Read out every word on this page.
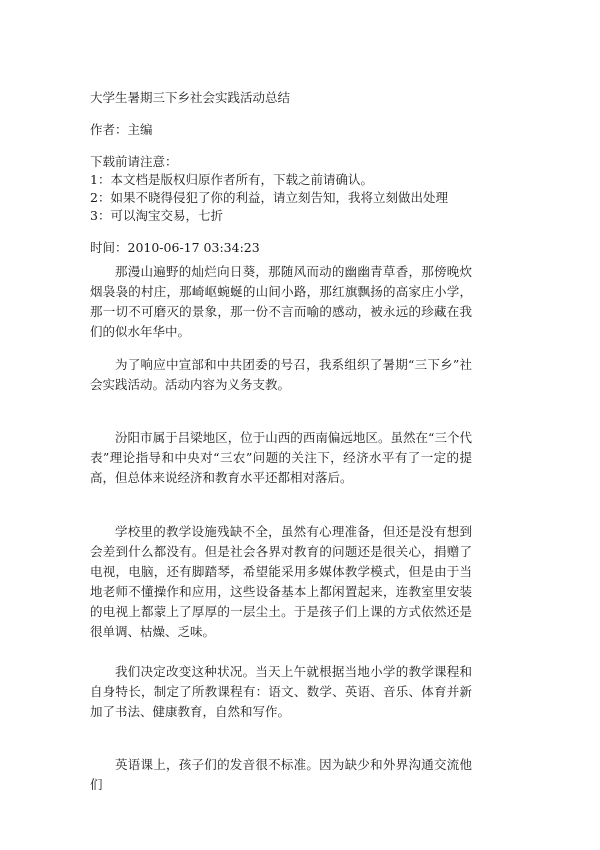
大学生暑期三下乡社会实践活动总结
作者：主编
下载前请注意：
1：本文档是版权归原作者所有，下载之前请确认。
2：如果不晓得侵犯了你的利益，请立刻告知，我将立刻做出处理
3：可以淘宝交易，七折
时间：2010-06-17 03:34:23

那漫山遍野的灿烂向日葵，那随风而动的幽幽青草香，那傍晚炊烟袅袅的村庄，那崎岖蜿蜒的山间小路，那红旗飘扬的高家庄小学，那一切不可磨灭的景象，那一份不言而喻的感动，被永远的珍藏在我们的似水年华中。

为了响应中宣部和中共团委的号召，我系组织了暑期“三下乡”社会实践活动。活动内容为义务支教。

汾阳市属于吕梁地区，位于山西的西南偏远地区。虽然在“三个代表”理论指导和中央对“三农”问题的关注下，经济水平有了一定的提高，但总体来说经济和教育水平还都相对落后。

学校里的教学设施残缺不全，虽然有心理准备，但还是没有想到会差到什么都没有。但是社会各界对教育的问题还是很关心，捐赠了电视，电脑，还有脚踏琴，希望能采用多媒体教学模式，但是由于当地老师不懂操作和应用，这些设备基本上都闲置起来，连教室里安装的电视上都蒙上了厚厚的一层尘土。于是孩子们上课的方式依然还是很单调、枯燥、乏味。

我们决定改变这种状况。当天上午就根据当地小学的教学课程和自身特长，制定了所教课程有：语文、数学、英语、音乐、体育并新加了书法、健康教育，自然和写作。

英语课上，孩子们的发音很不标准。因为缺少和外界沟通交流他们
